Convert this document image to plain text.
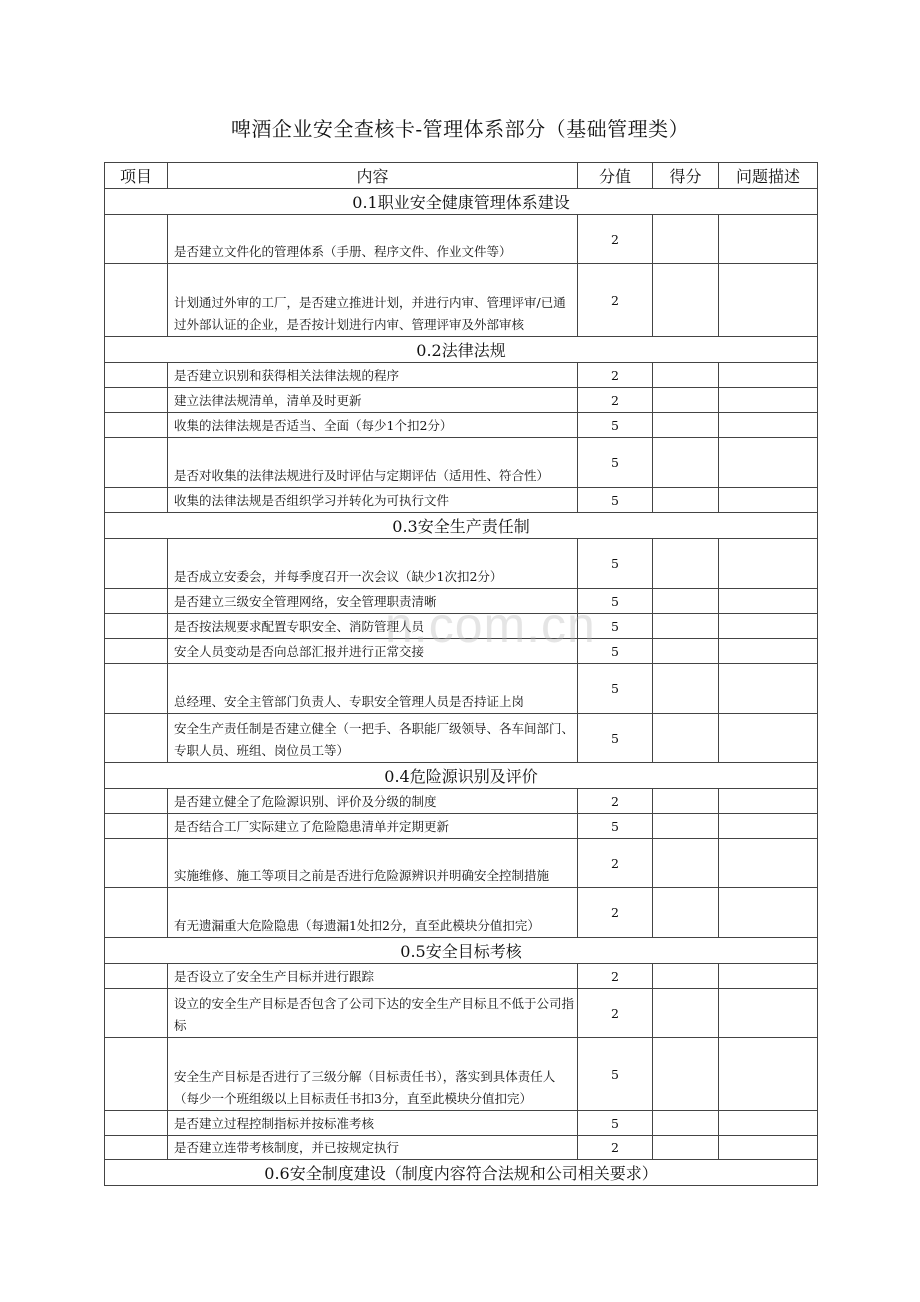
啤酒企业安全查核卡-管理体系部分（基础管理类）
项目	内容	分值	得分	问题描述
0.1职业安全健康管理体系建设				
	是否建立文件化的管理体系（手册、程序文件、作业文件等）	2		
	计划通过外审的工厂，是否建立推进计划，并进行内审、管理评审/已通过外部认证的企业，是否按计划进行内审、管理评审及外部审核	2		
0.2法律法规				
	是否建立识别和获得相关法律法规的程序	2		
	建立法律法规清单，清单及时更新	2		
	收集的法律法规是否适当、全面（每少1个扣2分）	5		
	是否对收集的法律法规进行及时评估与定期评估（适用性、符合性）	5		
	收集的法律法规是否组织学习并转化为可执行文件	5		
0.3安全生产责任制				
	是否成立安委会，并每季度召开一次会议（缺少1次扣2分）	5		
	是否建立三级安全管理网络，安全管理职责清晰	5		
	是否按法规要求配置专职安全、消防管理人员	5		
	安全人员变动是否向总部汇报并进行正常交接	5		
	总经理、安全主管部门负责人、专职安全管理人员是否持证上岗	5		
	安全生产责任制是否建立健全（一把手、各职能厂级领导、各车间部门、专职人员、班组、岗位员工等）	5		
0.4危险源识别及评价				
	是否建立健全了危险源识别、评价及分级的制度	2		
	是否结合工厂实际建立了危险隐患清单并定期更新	5		
	实施维修、施工等项目之前是否进行危险源辨识并明确安全控制措施	2		
	有无遗漏重大危险隐患（每遗漏1处扣2分，直至此模块分值扣完）	2		
0.5安全目标考核				
	是否设立了安全生产目标并进行跟踪	2		
	设立的安全生产目标是否包含了公司下达的安全生产目标且不低于公司指标	2		
	安全生产目标是否进行了三级分解（目标责任书），落实到具体责任人（每少一个班组级以上目标责任书扣3分，直至此模块分值扣完）	5		
	是否建立过程控制指标并按标准考核	5		
	是否建立连带考核制度，并已按规定执行	2		
0.6安全制度建设（制度内容符合法规和公司相关要求）				
n.com.cn
